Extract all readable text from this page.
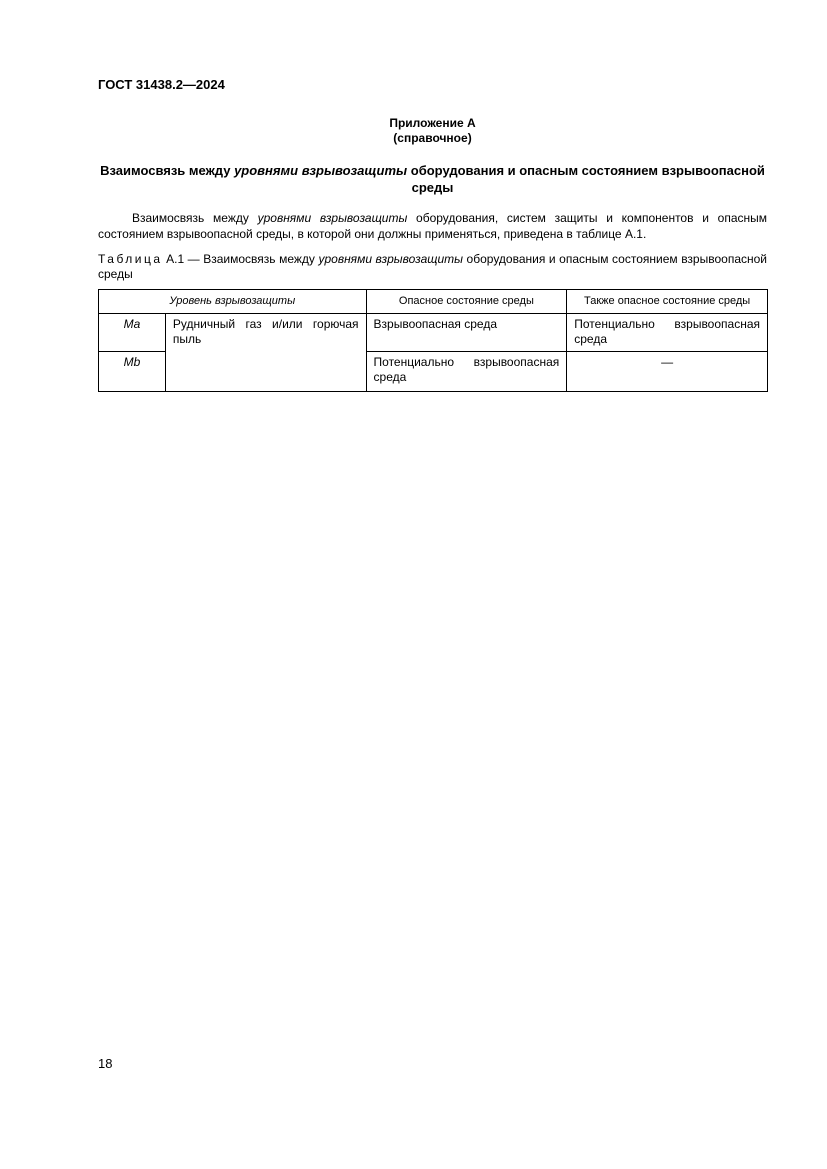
ГОСТ 31438.2—2024
Приложение А
(справочное)
Взаимосвязь между уровнями взрывозащиты оборудования и опасным состоянием взрывоопасной среды
Взаимосвязь между уровнями взрывозащиты оборудования, систем защиты и компонентов и опасным состоянием взрывоопасной среды, в которой они должны применяться, приведена в таблице А.1.
Таблица А.1 — Взаимосвязь между уровнями взрывозащиты оборудования и опасным состоянием взрывоопасной среды
Уровень взрывозащиты		Опасное состояние среды	Также опасное состояние среды
Ma	Рудничный газ и/или горючая пыль	Взрывоопасная среда	Потенциально взрывоопасная среда
Mb		Потенциально взрывоопасная среда	—
18
